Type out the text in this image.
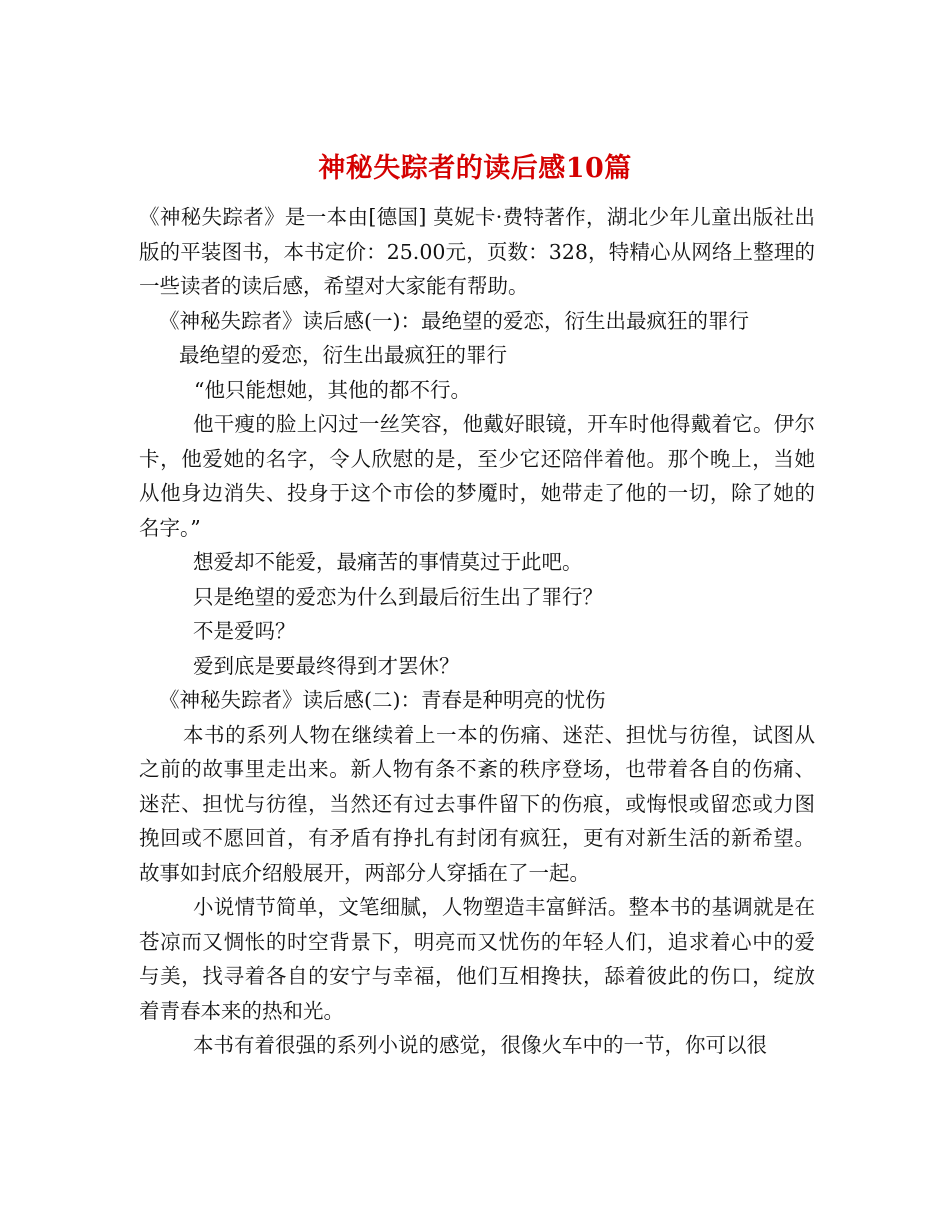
神秘失踪者的读后感10篇

《神秘失踪者》是一本由[德国] 莫妮卡·费特著作，湖北少年儿童出版社出版的平装图书，本书定价：25.00元，页数：328，特精心从网络上整理的一些读者的读后感，希望对大家能有帮助。

《神秘失踪者》读后感(一)：最绝望的爱恋，衍生出最疯狂的罪行

最绝望的爱恋，衍生出最疯狂的罪行

“他只能想她，其他的都不行。

他干瘦的脸上闪过一丝笑容，他戴好眼镜，开车时他得戴着它。伊尔卡，他爱她的名字，令人欣慰的是，至少它还陪伴着他。那个晚上，当她从他身边消失、投身于这个市侩的梦魇时，她带走了他的一切，除了她的名字。”

想爱却不能爱，最痛苦的事情莫过于此吧。

只是绝望的爱恋为什么到最后衍生出了罪行？

不是爱吗？

爱到底是要最终得到才罢休？

《神秘失踪者》读后感(二)：青春是种明亮的忧伤

本书的系列人物在继续着上一本的伤痛、迷茫、担忧与彷徨，试图从之前的故事里走出来。新人物有条不紊的秩序登场，也带着各自的伤痛、迷茫、担忧与彷徨，当然还有过去事件留下的伤痕，或悔恨或留恋或力图挽回或不愿回首，有矛盾有挣扎有封闭有疯狂，更有对新生活的新希望。故事如封底介绍般展开，两部分人穿插在了一起。

小说情节简单，文笔细腻，人物塑造丰富鲜活。整本书的基调就是在苍凉而又惆怅的时空背景下，明亮而又忧伤的年轻人们，追求着心中的爱与美，找寻着各自的安宁与幸福，他们互相搀扶，舔着彼此的伤口，绽放着青春本来的热和光。

本书有着很强的系列小说的感觉，很像火车中的一节，你可以很
